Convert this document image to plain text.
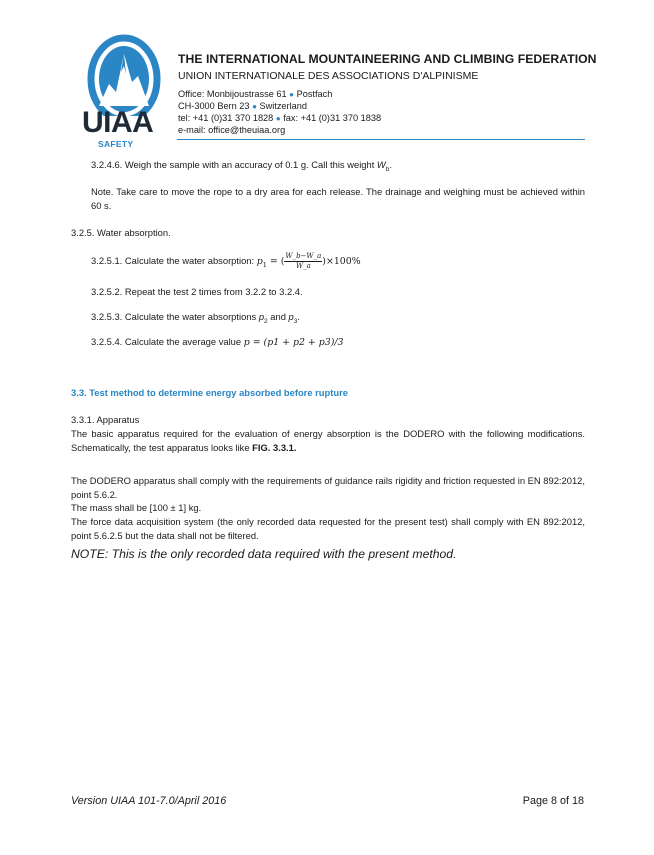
UIAA
SAFETY
THE INTERNATIONAL MOUNTAINEERING AND CLIMBING FEDERATION
UNION INTERNATIONALE DES ASSOCIATIONS D'ALPINISME
Office: Monbijoustrasse 61 ● Postfach
CH-3000 Bern 23 ● Switzerland
tel: +41 (0)31 370 1828 ● fax: +41 (0)31 370 1838
e-mail: office@theuiaa.org
3.2.4.6. Weigh the sample with an accuracy of 0.1 g. Call this weight $W_b$.
Note. Take care to move the rope to a dry area for each release. The drainage and weighing must be achieved within 60 s.
3.2.5. Water absorption.
3.2.5.1. Calculate the water absorption: $p_1$ = ( $\frac{W\_b-W\_a}{W\_a} )\times 100\%$
3.2.5.2. Repeat the test 2 times from 3.2.2 to 3.2.4.
3.2.5.3. Calculate the water absorptions $p_2$ and $p_3$.
3.2.5.4. Calculate the average value p = (p1 + p2 + p3)/3
3.3. Test method to determine energy absorbed before rupture
3.3.1. Apparatus
The basic apparatus required for the evaluation of energy absorption is the DODERO with the following modifications. Schematically, the test apparatus looks like FIG. 3.3.1.
The DODERO apparatus shall comply with the requirements of guidance rails rigidity and friction requested in EN 892:2012, point 5.6.2.
The mass shall be [100 ± 1] kg.
The force data acquisition system (the only recorded data requested for the present test) shall comply with EN 892:2012, point 5.6.2.5 but the data shall not be filtered.
NOTE: This is the only recorded data required with the present method.
Version UIAA 101-7.0/April 2016	Page 8 of 18
